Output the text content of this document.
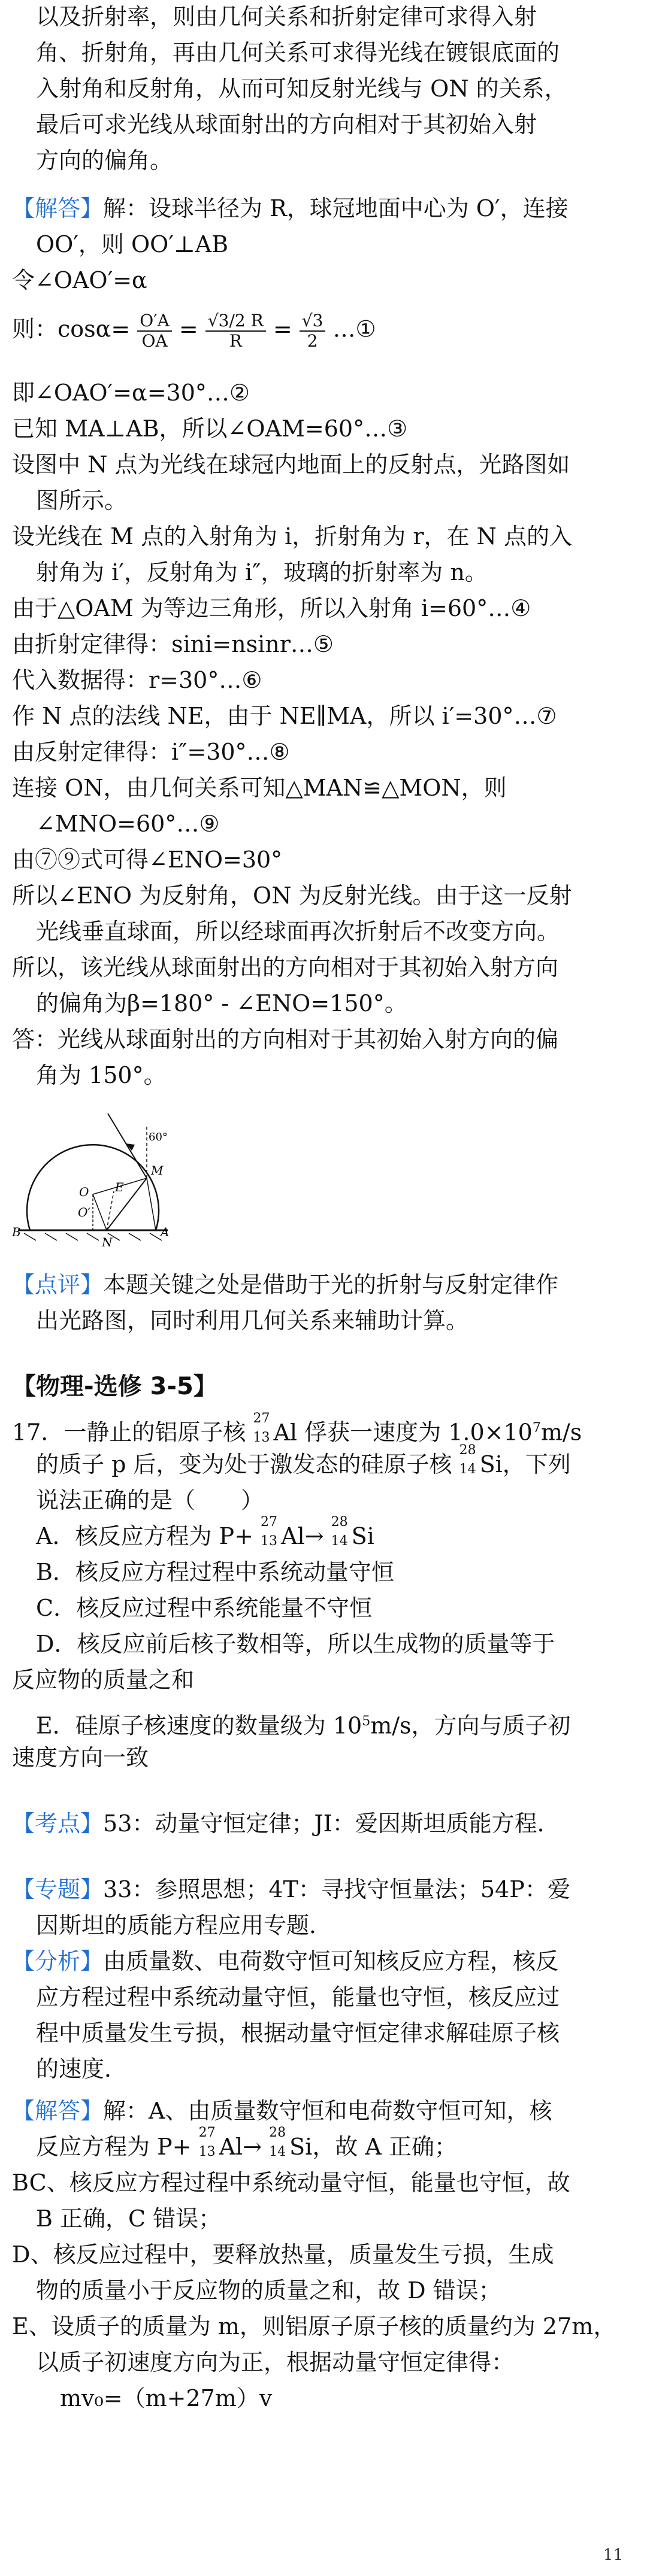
以及折射率，则由几何关系和折射定律可求得入射
角、折射角，再由几何关系可求得光线在镀银底面的
入射角和反射角，从而可知反射光线与 ON 的关系，
最后可求光线从球面射出的方向相对于其初始入射
方向的偏角。
【解答】解：设球半径为 R，球冠地面中心为 O′，连接
OO′，则 OO′⊥AB
令∠OAO′=α
则：$\cos\alpha= \frac{O'A}{OA} = \frac{√3/2 R}{R} = \frac{√3}{2}$ …①
即∠OAO′=α=30°…②
已知 MA⊥AB，所以∠OAM=60°…③
设图中 N 点为光线在球冠内地面上的反射点，光路图如
图所示。
设光线在 M 点的入射角为 i，折射角为 r，在 N 点的入
射角为 i′，反射角为 i″，玻璃的折射率为 n。
由于△OAM 为等边三角形，所以入射角 i=60°…④
由折射定律得：sini=nsinr…⑤
代入数据得：r=30°…⑥
作 N 点的法线 NE，由于 NE∥MA，所以 i′=30°…⑦
由反射定律得：i″=30°…⑧
连接 ON，由几何关系可知△MAN≌△MON，则
∠MNO=60°…⑨
由⑦⑨式可得∠ENO=30°
所以∠ENO 为反射角，ON 为反射光线。由于这一反射
光线垂直球面，所以经球面再次折射后不改变方向。
所以，该光线从球面射出的方向相对于其初始入射方向
的偏角为β=180° - ∠ENO=150°。
答：光线从球面射出的方向相对于其初始入射方向的偏
角为 150°。
60°
M
O E
O′
N
A
B
【点评】本题关键之处是借助于光的折射与反射定律作
出光路图，同时利用几何关系来辅助计算。
【物理-选修 3-5】
17．一静止的铝原子核
27
13 Al 俘获一速度为 $1.0\times 10^7m/s$
的质子 p 后，变为处于激发态的硅原子核
28
14 Si，下列
说法正确的是（　　）
A．核反应方程为 P+
27
13 Al→
28
14 Si
B．核反应方程过程中系统动量守恒
C．核反应过程中系统能量不守恒
D．核反应前后核子数相等，所以生成物的质量等于
反应物的质量之和
E．硅原子核速度的数量级为 $10^5m/s$，方向与质子初
速度方向一致
【考点】53：动量守恒定律；JI：爱因斯坦质能方程．
【专题】33：参照思想；4T：寻找守恒量法；54P：爱
因斯坦的质能方程应用专题．
【分析】由质量数、电荷数守恒可知核反应方程，核反
应方程过程中系统动量守恒，能量也守恒，核反应过
程中质量发生亏损，根据动量守恒定律求解硅原子核
的速度．
【解答】解：A、由质量数守恒和电荷数守恒可知，核
反应方程为 P+
27
13 Al→
28
14 Si，故 A 正确；
BC、核反应方程过程中系统动量守恒，能量也守恒，故
B 正确，C 错误；
D、核反应过程中，要释放热量，质量发生亏损，生成
物的质量小于反应物的质量之和，故 D 错误；
E、设质子的质量为 m，则铝原子原子核的质量约为 27m，
以质子初速度方向为正，根据动量守恒定律得：
mv₀=（m+27m）v
11
